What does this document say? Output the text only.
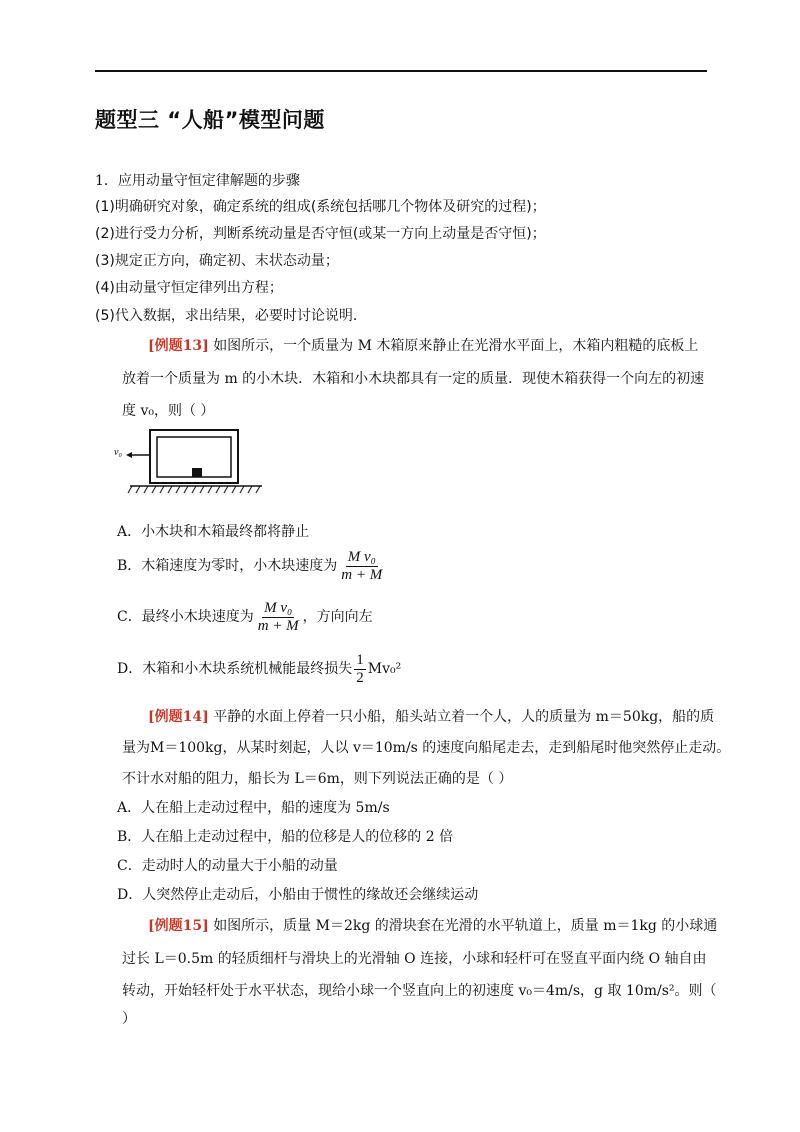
题型三 “人船”模型问题
1．应用动量守恒定律解题的步骤
(1)明确研究对象，确定系统的组成(系统包括哪几个物体及研究的过程)；
(2)进行受力分析，判断系统动量是否守恒(或某一方向上动量是否守恒)；
(3)规定正方向，确定初、末状态动量；
(4)由动量守恒定律列出方程；
(5)代入数据，求出结果，必要时讨论说明．
[例题13] 如图所示，一个质量为 M 木箱原来静止在光滑水平面上，木箱内粗糙的底板上
放着一个质量为 m 的小木块．木箱和小木块都具有一定的质量．现使木箱获得一个向左的初速
度 v₀，则（ ）
v₀
A．小木块和木箱最终都将静止
B．木箱速度为零时，小木块速度为 $\frac{\text{M v₀}}{m + M}$
C．最终小木块速度为 $\frac{\text{M v₀}}{m + M}$ ，方向向左
D．木箱和小木块系统机械能最终损失 $\frac{1}{2} Mv_0^2$
[例题14] 平静的水面上停着一只小船，船头站立着一个人，人的质量为 m＝50kg，船的质
量为M＝100kg，从某时刻起，人以 v＝10m/s 的速度向船尾走去，走到船尾时他突然停止走动。
不计水对船的阻力，船长为 L＝6m，则下列说法正确的是（ ）
A．人在船上走动过程中，船的速度为 5m/s
B．人在船上走动过程中，船的位移是人的位移的 2 倍
C．走动时人的动量大于小船的动量
D．人突然停止走动后，小船由于惯性的缘故还会继续运动
[例题15] 如图所示，质量 M＝2kg 的滑块套在光滑的水平轨道上，质量 m＝1kg 的小球通
过长 L＝0.5m 的轻质细杆与滑块上的光滑轴 O 连接，小球和轻杆可在竖直平面内绕 O 轴自由
转动，开始轻杆处于水平状态，现给小球一个竖直向上的初速度 v₀＝4m/s，g 取 10m/s²。则（
）
